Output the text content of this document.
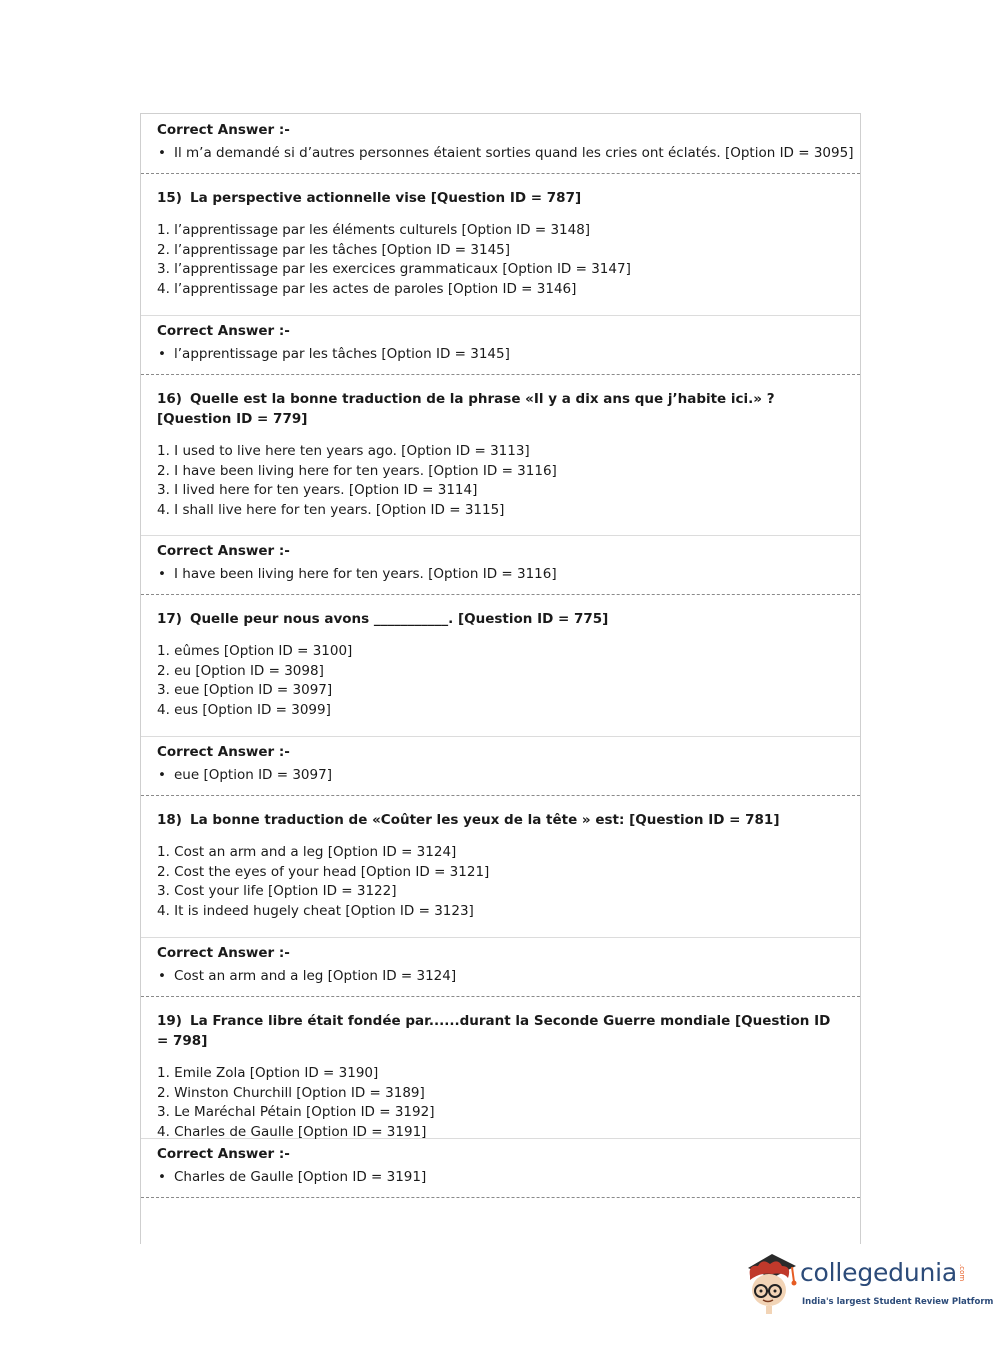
Correct Answer :-
• Il m’a demandé si d’autres personnes étaient sorties quand les cries ont éclatés. [Option ID = 3095]
15) La perspective actionnelle vise [Question ID = 787]
1. l’apprentissage par les éléments culturels [Option ID = 3148]
2. l’apprentissage par les tâches [Option ID = 3145]
3. l’apprentissage par les exercices grammaticaux [Option ID = 3147]
4. l’apprentissage par les actes de paroles [Option ID = 3146]
Correct Answer :-
• l’apprentissage par les tâches [Option ID = 3145]
16) Quelle est la bonne traduction de la phrase «Il y a dix ans que j’habite ici.» ? [Question ID = 779]
1. I used to live here ten years ago. [Option ID = 3113]
2. I have been living here for ten years. [Option ID = 3116]
3. I lived here for ten years. [Option ID = 3114]
4. I shall live here for ten years. [Option ID = 3115]
Correct Answer :-
• I have been living here for ten years. [Option ID = 3116]
17) Quelle peur nous avons ___________. [Question ID = 775]
1. eûmes [Option ID = 3100]
2. eu [Option ID = 3098]
3. eue [Option ID = 3097]
4. eus [Option ID = 3099]
Correct Answer :-
• eue [Option ID = 3097]
18) La bonne traduction de «Coûter les yeux de la tête » est: [Question ID = 781]
1. Cost an arm and a leg [Option ID = 3124]
2. Cost the eyes of your head [Option ID = 3121]
3. Cost your life [Option ID = 3122]
4. It is indeed hugely cheat [Option ID = 3123]
Correct Answer :-
• Cost an arm and a leg [Option ID = 3124]
19) La France libre était fondée par......durant la Seconde Guerre mondiale [Question ID = 798]
1. Emile Zola [Option ID = 3190]
2. Winston Churchill [Option ID = 3189]
3. Le Maréchal Pétain [Option ID = 3192]
4. Charles de Gaulle [Option ID = 3191]
Correct Answer :-
• Charles de Gaulle [Option ID = 3191]
collegedunia .com
India's largest Student Review Platform
